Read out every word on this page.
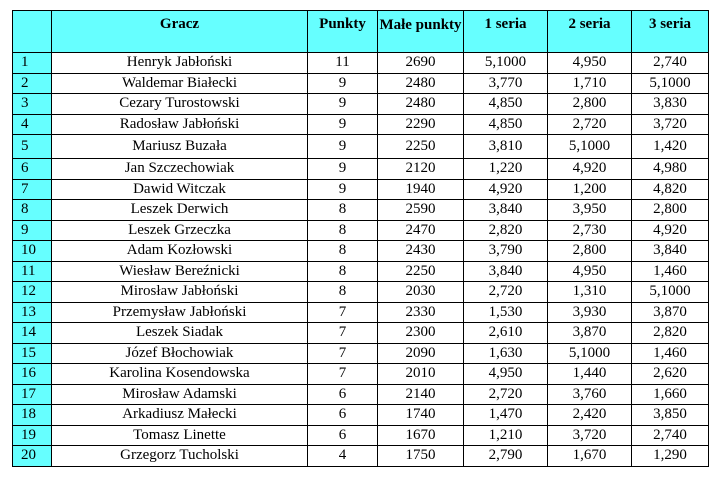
	Gracz	Punkty	Małe punkty	1 seria	2 seria	3 seria
1	Henryk Jabłoński	11	2690	5,1000	4,950	2,740
2	Waldemar Białecki	9	2480	3,770	1,710	5,1000
3	Cezary Turostowski	9	2480	4,850	2,800	3,830
4	Radosław Jabłoński	9	2290	4,850	2,720	3,720
5	Mariusz Buzała	9	2250	3,810	5,1000	1,420
6	Jan Szczechowiak	9	2120	1,220	4,920	4,980
7	Dawid Witczak	9	1940	4,920	1,200	4,820
8	Leszek Derwich	8	2590	3,840	3,950	2,800
9	Leszek Grzeczka	8	2470	2,820	2,730	4,920
10	Adam Kozłowski	8	2430	3,790	2,800	3,840
11	Wiesław Bereźnicki	8	2250	3,840	4,950	1,460
12	Mirosław Jabłoński	8	2030	2,720	1,310	5,1000
13	Przemysław Jabłoński	7	2330	1,530	3,930	3,870
14	Leszek Siadak	7	2300	2,610	3,870	2,820
15	Józef Błochowiak	7	2090	1,630	5,1000	1,460
16	Karolina Kosendowska	7	2010	4,950	1,440	2,620
17	Mirosław Adamski	6	2140	2,720	3,760	1,660
18	Arkadiusz Małecki	6	1740	1,470	2,420	3,850
19	Tomasz Linette	6	1670	1,210	3,720	2,740
20	Grzegorz Tucholski	4	1750	2,790	1,670	1,290
